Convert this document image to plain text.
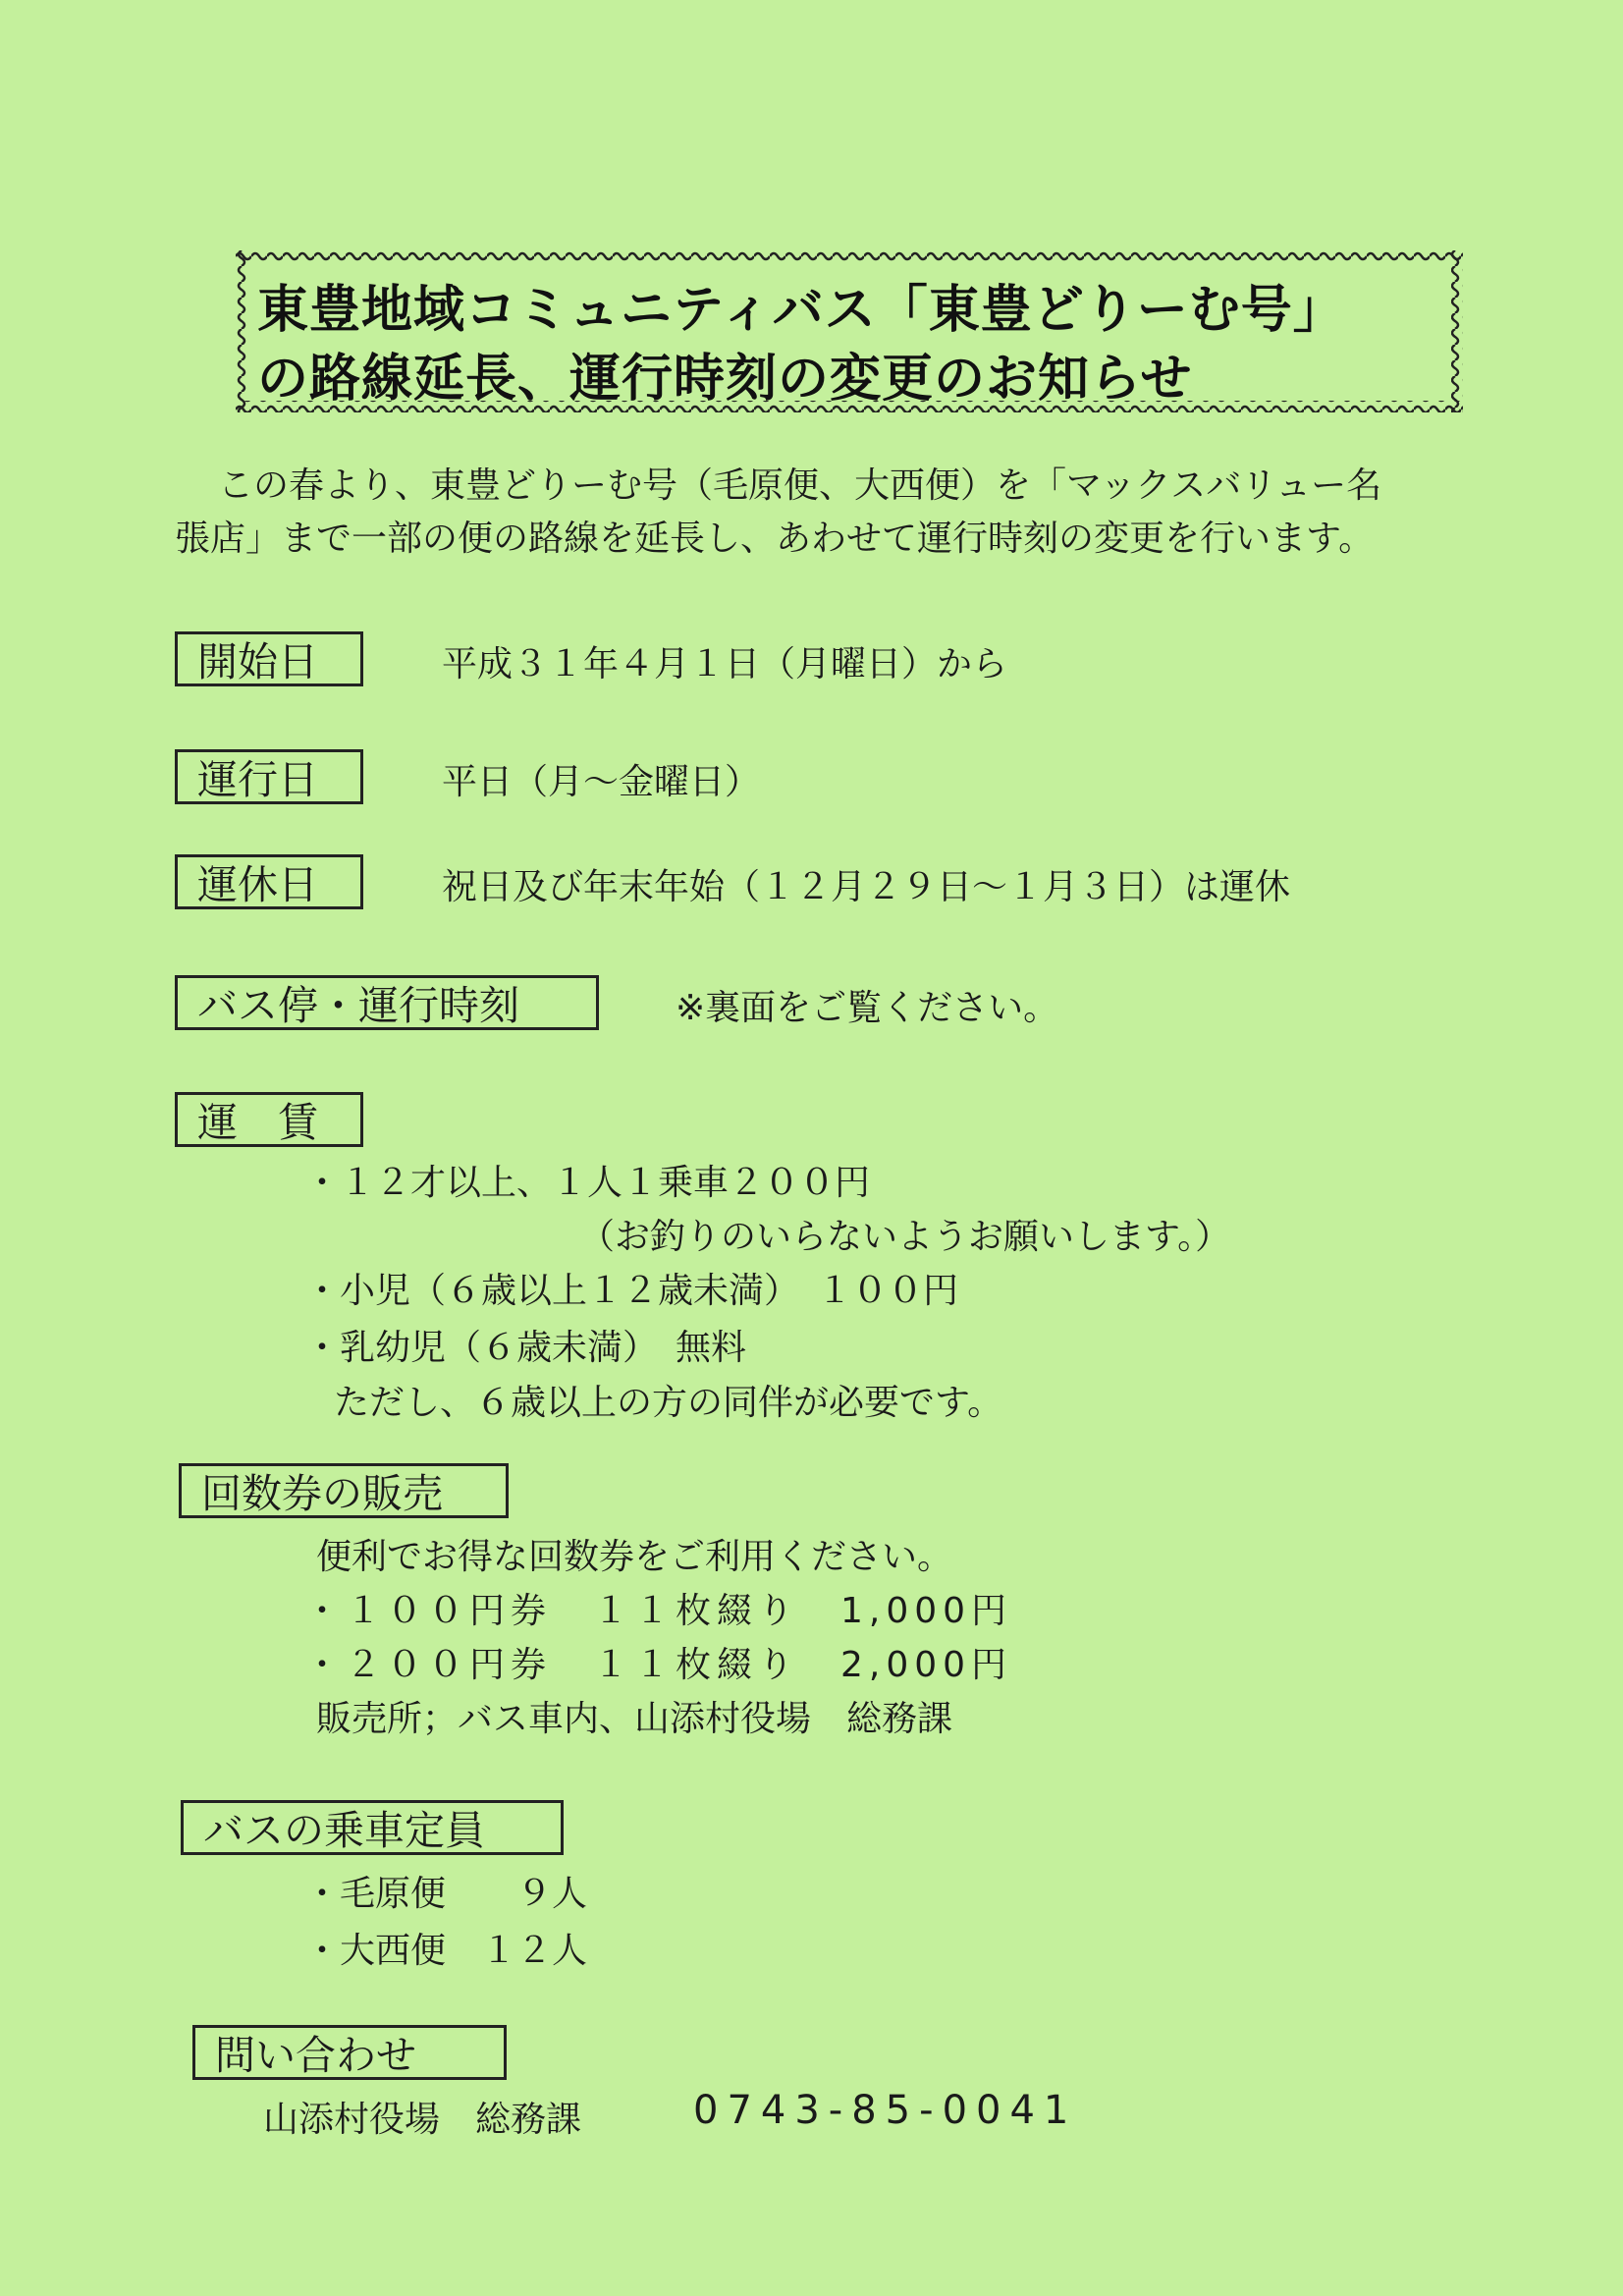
東豊地域コミュニティバス「東豊どりーむ号」
の路線延長、運行時刻の変更のお知らせ
この春より、東豊どりーむ号（毛原便、大西便）を「マックスバリュー名
張店」まで一部の便の路線を延長し、あわせて運行時刻の変更を行います。
開始日	平成３１年４月１日（月曜日）から
運行日	平日（月～金曜日）
運休日	祝日及び年末年始（１２月２９日～１月３日）は運休
バス停・運行時刻	※裏面をご覧ください。
運　賃
・１２才以上、１人１乗車２００円
（お釣りのいらないようお願いします。）
・小児（６歳以上１２歳未満）　１００円
・乳幼児（６歳未満）　無料
ただし、６歳以上の方の同伴が必要です。
回数券の販売
便利でお得な回数券をご利用ください。
・１００円券　１１枚綴り　1,000円
・２００円券　１１枚綴り　2,000円
販売所；バス車内、山添村役場　総務課
バスの乗車定員
・毛原便　　９人
・大西便　１２人
問い合わせ
山添村役場　総務課	0743-85-0041
